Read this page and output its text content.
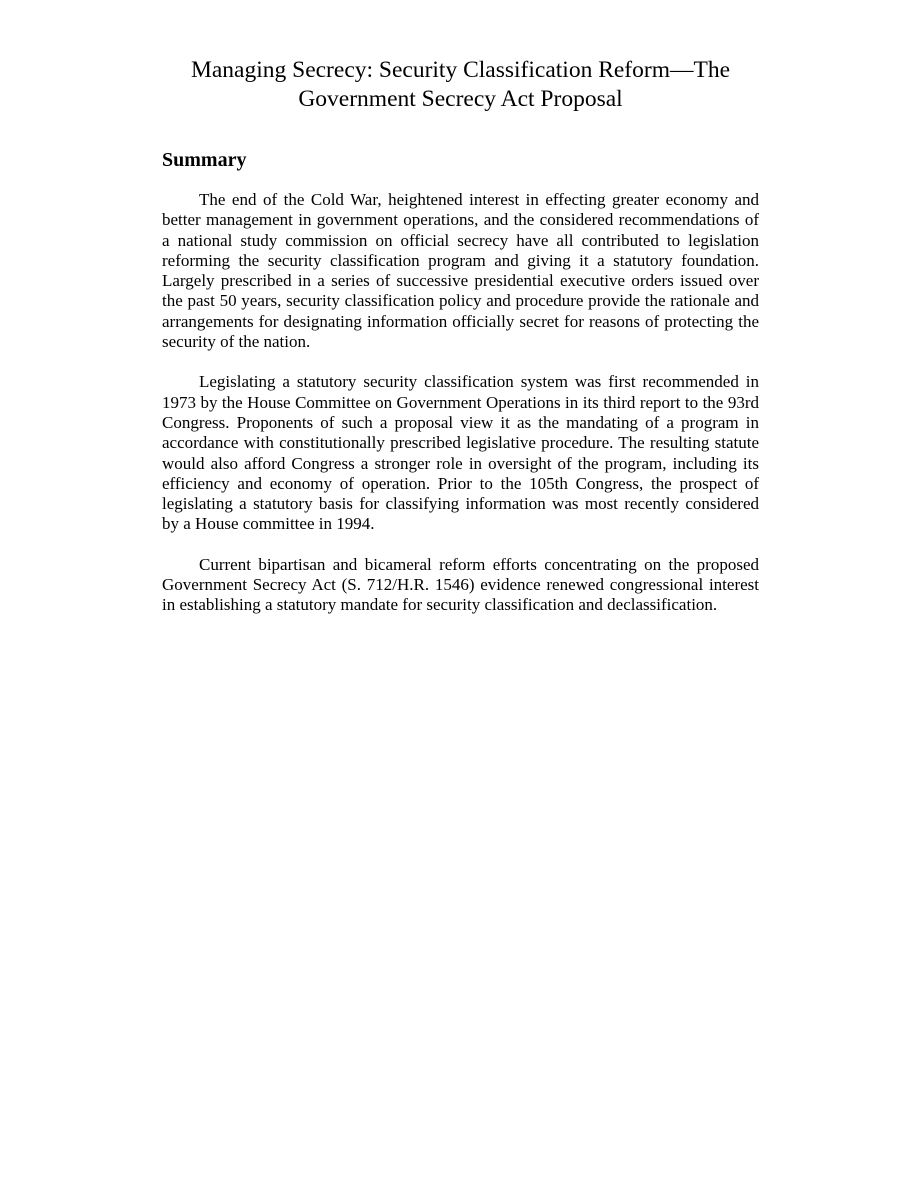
Managing Secrecy: Security Classification Reform—The
Government Secrecy Act Proposal
Summary

The end of the Cold War, heightened interest in effecting greater economy and better management in government operations, and the considered recommendations of a national study commission on official secrecy have all contributed to legislation reforming the security classification program and giving it a statutory foundation. Largely prescribed in a series of successive presidential executive orders issued over the past 50 years, security classification policy and procedure provide the rationale and arrangements for designating information officially secret for reasons of protecting the security of the nation.

Legislating a statutory security classification system was first recommended in 1973 by the House Committee on Government Operations in its third report to the 93rd Congress. Proponents of such a proposal view it as the mandating of a program in accordance with constitutionally prescribed legislative procedure. The resulting statute would also afford Congress a stronger role in oversight of the program, including its efficiency and economy of operation. Prior to the 105th Congress, the prospect of legislating a statutory basis for classifying information was most recently considered by a House committee in 1994.

Current bipartisan and bicameral reform efforts concentrating on the proposed Government Secrecy Act (S. 712/H.R. 1546) evidence renewed congressional interest in establishing a statutory mandate for security classification and declassification.
